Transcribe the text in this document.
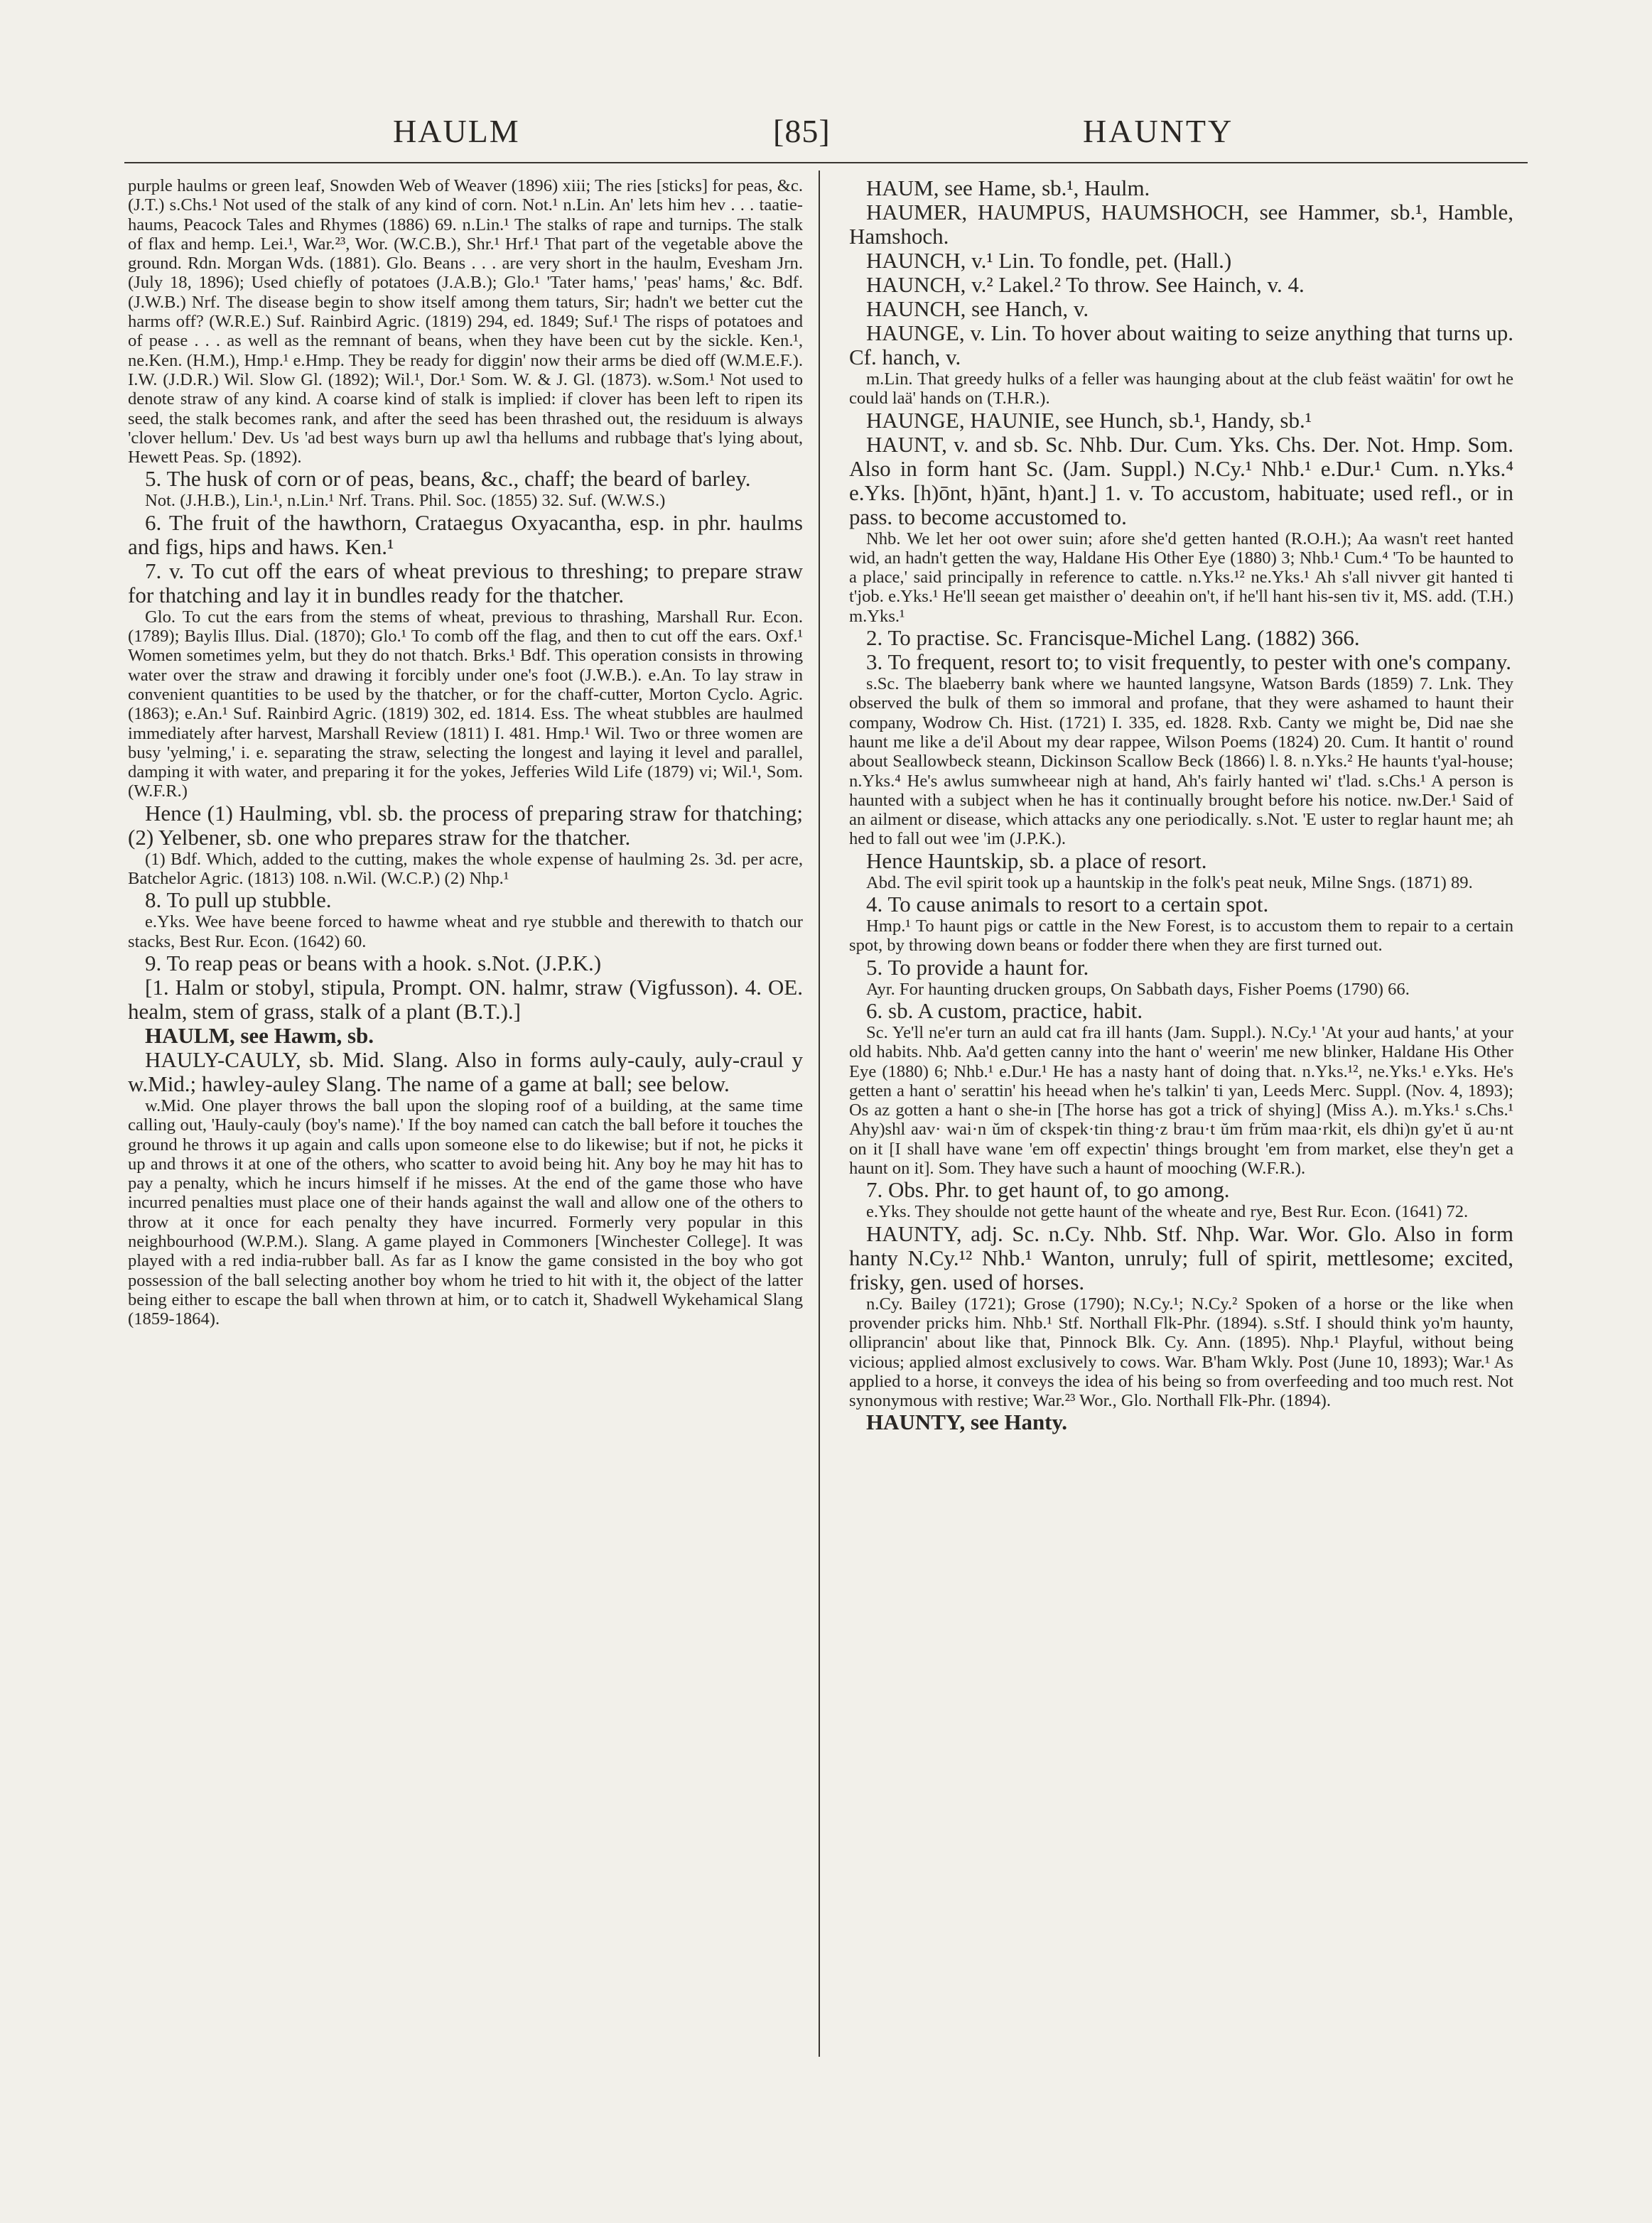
HAULM	[85]	HAUNTY

purple haulms or green leaf, Snowden Web of Weaver (1896) xiii; The ries [sticks] for peas, &c. (J.T.) s.Chs.¹ Not used of the stalk of any kind of corn. Not.¹ n.Lin. An' lets him hev . . . taatie-haums, Peacock Tales and Rhymes (1886) 69. n.Lin.¹ The stalks of rape and turnips. The stalk of flax and hemp. Lei.¹, War.²³, Wor. (W.C.B.), Shr.¹ Hrf.¹ That part of the vegetable above the ground. Rdn. Morgan Wds. (1881). Glo. Beans . . . are very short in the haulm, Evesham Jrn. (July 18, 1896); Used chiefly of potatoes (J.A.B.); Glo.¹ 'Tater hams,' 'peas' hams,' &c. Bdf. (J.W.B.) Nrf. The disease begin to show itself among them taturs, Sir; hadn't we better cut the harms off? (W.R.E.) Suf. Rainbird Agric. (1819) 294, ed. 1849; Suf.¹ The risps of potatoes and of pease . . . as well as the remnant of beans, when they have been cut by the sickle. Ken.¹, ne.Ken. (H.M.), Hmp.¹ e.Hmp. They be ready for diggin' now their arms be died off (W.M.E.F.). I.W. (J.D.R.) Wil. Slow Gl. (1892); Wil.¹, Dor.¹ Som. W. & J. Gl. (1873). w.Som.¹ Not used to denote straw of any kind. A coarse kind of stalk is implied: if clover has been left to ripen its seed, the stalk becomes rank, and after the seed has been thrashed out, the residuum is always 'clover hellum.' Dev. Us 'ad best ways burn up awl tha hellums and rubbage that's lying about, Hewett Peas. Sp. (1892).

5. The husk of corn or of peas, beans, &c., chaff; the beard of barley.

Not. (J.H.B.), Lin.¹, n.Lin.¹ Nrf. Trans. Phil. Soc. (1855) 32. Suf. (W.W.S.)

6. The fruit of the hawthorn, Crataegus Oxyacantha, esp. in phr. haulms and figs, hips and haws. Ken.¹

7. v. To cut off the ears of wheat previous to threshing; to prepare straw for thatching and lay it in bundles ready for the thatcher.

Glo. To cut the ears from the stems of wheat, previous to thrashing, Marshall Rur. Econ. (1789); Baylis Illus. Dial. (1870); Glo.¹ To comb off the flag, and then to cut off the ears. Oxf.¹ Women sometimes yelm, but they do not thatch. Brks.¹ Bdf. This operation consists in throwing water over the straw and drawing it forcibly under one's foot (J.W.B.). e.An. To lay straw in convenient quantities to be used by the thatcher, or for the chaff-cutter, Morton Cyclo. Agric. (1863); e.An.¹ Suf. Rainbird Agric. (1819) 302, ed. 1814. Ess. The wheat stubbles are haulmed immediately after harvest, Marshall Review (1811) I. 481. Hmp.¹ Wil. Two or three women are busy 'yelming,' i. e. separating the straw, selecting the longest and laying it level and parallel, damping it with water, and preparing it for the yokes, Jefferies Wild Life (1879) vi; Wil.¹, Som. (W.F.R.)

Hence (1) Haulming, vbl. sb. the process of preparing straw for thatching; (2) Yelbener, sb. one who prepares straw for the thatcher.

(1) Bdf. Which, added to the cutting, makes the whole expense of haulming 2s. 3d. per acre, Batchelor Agric. (1813) 108. n.Wil. (W.C.P.) (2) Nhp.¹

8. To pull up stubble.

e.Yks. Wee have beene forced to hawme wheat and rye stubble and therewith to thatch our stacks, Best Rur. Econ. (1642) 60.

9. To reap peas or beans with a hook. s.Not. (J.P.K.)

[1. Halm or stobyl, stipula, Prompt. ON. halmr, straw (Vigfusson). 4. OE. healm, stem of grass, stalk of a plant (B.T.).]

HAULM, see Hawm, sb.

HAULY-CAULY, sb. Mid. Slang. Also in forms auly-cauly, auly-craul y w.Mid.; hawley-auley Slang. The name of a game at ball; see below.

w.Mid. One player throws the ball upon the sloping roof of a building, at the same time calling out, 'Hauly-cauly (boy's name).' If the boy named can catch the ball before it touches the ground he throws it up again and calls upon someone else to do likewise; but if not, he picks it up and throws it at one of the others, who scatter to avoid being hit. Any boy he may hit has to pay a penalty, which he incurs himself if he misses. At the end of the game those who have incurred penalties must place one of their hands against the wall and allow one of the others to throw at it once for each penalty they have incurred. Formerly very popular in this neighbourhood (W.P.M.). Slang. A game played in Commoners [Winchester College]. It was played with a red india-rubber ball. As far as I know the game consisted in the boy who got possession of the ball selecting another boy whom he tried to hit with it, the object of the latter being either to escape the ball when thrown at him, or to catch it, Shadwell Wykehamical Slang (1859-1864).

HAUM, see Hame, sb.¹, Haulm.

HAUMER, HAUMPUS, HAUMSHOCH, see Hammer, sb.¹, Hamble, Hamshoch.

HAUNCH, v.¹ Lin. To fondle, pet. (Hall.)

HAUNCH, v.² Lakel.² To throw. See Hainch, v. 4.

HAUNCH, see Hanch, v.

HAUNGE, v. Lin. To hover about waiting to seize anything that turns up. Cf. hanch, v.

m.Lin. That greedy hulks of a feller was haunging about at the club feäst waätin' for owt he could laä' hands on (T.H.R.).

HAUNGE, HAUNIE, see Hunch, sb.¹, Handy, sb.¹

HAUNT, v. and sb. Sc. Nhb. Dur. Cum. Yks. Chs. Der. Not. Hmp. Som. Also in form hant Sc. (Jam. Suppl.) N.Cy.¹ Nhb.¹ e.Dur.¹ Cum. n.Yks.⁴ e.Yks. [h)ōnt, h)ānt, h)ant.] 1. v. To accustom, habituate; used refl., or in pass. to become accustomed to.

Nhb. We let her oot ower suin; afore she'd getten hanted (R.O.H.); Aa wasn't reet hanted wid, an hadn't getten the way, Haldane His Other Eye (1880) 3; Nhb.¹ Cum.⁴ 'To be haunted to a place,' said principally in reference to cattle. n.Yks.¹² ne.Yks.¹ Ah s'all nivver git hanted ti t'job. e.Yks.¹ He'll seean get maisther o' deeahin on't, if he'll hant his-sen tiv it, MS. add. (T.H.) m.Yks.¹

2. To practise. Sc. Francisque-Michel Lang. (1882) 366.

3. To frequent, resort to; to visit frequently, to pester with one's company.

s.Sc. The blaeberry bank where we haunted langsyne, Watson Bards (1859) 7. Lnk. They observed the bulk of them so immoral and profane, that they were ashamed to haunt their company, Wodrow Ch. Hist. (1721) I. 335, ed. 1828. Rxb. Canty we might be, Did nae she haunt me like a de'il About my dear rappee, Wilson Poems (1824) 20. Cum. It hantit o' round about Seallowbeck steann, Dickinson Scallow Beck (1866) l. 8. n.Yks.² He haunts t'yal-house; n.Yks.⁴ He's awlus sumwheear nigh at hand, Ah's fairly hanted wi' t'lad. s.Chs.¹ A person is haunted with a subject when he has it continually brought before his notice. nw.Der.¹ Said of an ailment or disease, which attacks any one periodically. s.Not. 'E uster to reglar haunt me; ah hed to fall out wee 'im (J.P.K.).

Hence Hauntskip, sb. a place of resort.

Abd. The evil spirit took up a hauntskip in the folk's peat neuk, Milne Sngs. (1871) 89.

4. To cause animals to resort to a certain spot.

Hmp.¹ To haunt pigs or cattle in the New Forest, is to accustom them to repair to a certain spot, by throwing down beans or fodder there when they are first turned out.

5. To provide a haunt for.

Ayr. For haunting drucken groups, On Sabbath days, Fisher Poems (1790) 66.

6. sb. A custom, practice, habit.

Sc. Ye'll ne'er turn an auld cat fra ill hants (Jam. Suppl.). N.Cy.¹ 'At your aud hants,' at your old habits. Nhb. Aa'd getten canny into the hant o' weerin' me new blinker, Haldane His Other Eye (1880) 6; Nhb.¹ e.Dur.¹ He has a nasty hant of doing that. n.Yks.¹², ne.Yks.¹ e.Yks. He's getten a hant o' serattin' his heead when he's talkin' ti yan, Leeds Merc. Suppl. (Nov. 4, 1893); Os az gotten a hant o she-in [The horse has got a trick of shying] (Miss A.). m.Yks.¹ s.Chs.¹ Ahy)shl aav· wai·n ŭm of ckspek·tin thing·z brau·t ŭm frŭm maa·rkit, els dhi)n gy'et ŭ au·nt on it [I shall have wane 'em off expectin' things brought 'em from market, else they'n get a haunt on it]. Som. They have such a haunt of mooching (W.F.R.).

7. Obs. Phr. to get haunt of, to go among.

e.Yks. They shoulde not gette haunt of the wheate and rye, Best Rur. Econ. (1641) 72.

HAUNTY, adj. Sc. n.Cy. Nhb. Stf. Nhp. War. Wor. Glo. Also in form hanty N.Cy.¹² Nhb.¹ Wanton, unruly; full of spirit, mettlesome; excited, frisky, gen. used of horses.

n.Cy. Bailey (1721); Grose (1790); N.Cy.¹; N.Cy.² Spoken of a horse or the like when provender pricks him. Nhb.¹ Stf. Northall Flk-Phr. (1894). s.Stf. I should think yo'm haunty, olliprancin' about like that, Pinnock Blk. Cy. Ann. (1895). Nhp.¹ Playful, without being vicious; applied almost exclusively to cows. War. B'ham Wkly. Post (June 10, 1893); War.¹ As applied to a horse, it conveys the idea of his being so from overfeeding and too much rest. Not synonymous with restive; War.²³ Wor., Glo. Northall Flk-Phr. (1894).

HAUNTY, see Hanty.
